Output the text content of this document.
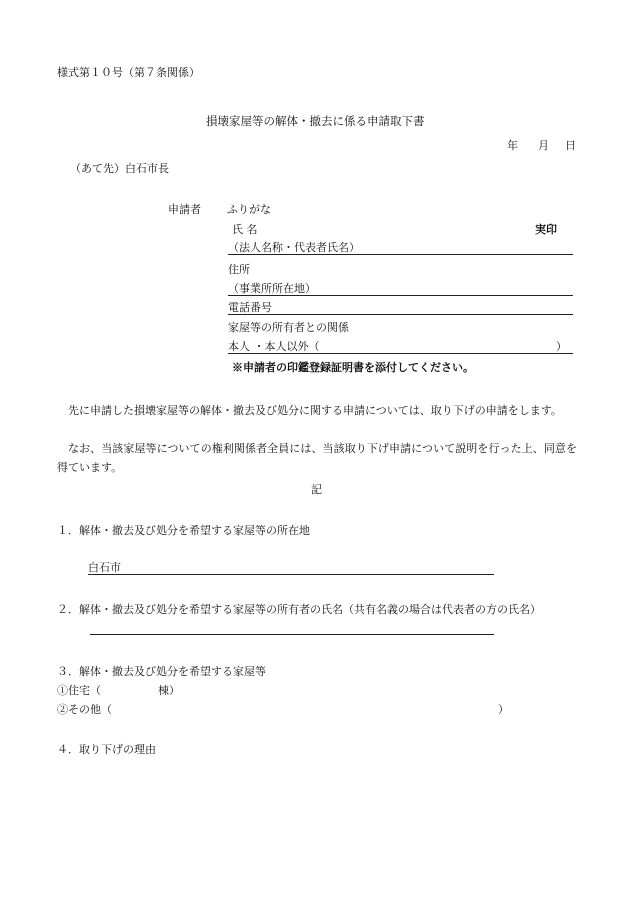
様式第１０号（第７条関係）
損壊家屋等の解体・撤去に係る申請取下書
年 月 日
（あて先）白石市長
申請者 ふりがな
氏 名	実印
（法人名称・代表者氏名）
住所
（事業所所在地）
電話番号
家屋等の所有者との関係
本人 ・本人以外（	）
※申請者の印鑑登録証明書を添付してください。
先に申請した損壊家屋等の解体・撤去及び処分に関する申請については、取り下げの申請をします。
なお、当該家屋等についての権利関係者全員には、当該取り下げ申請について説明を行った上、同意を得ています。
記
１．解体・撤去及び処分を希望する家屋等の所在地
白石市
２．解体・撤去及び処分を希望する家屋等の所有者の氏名（共有名義の場合は代表者の方の氏名）
３．解体・撤去及び処分を希望する家屋等
①住宅（	棟）
②その他（	）
４．取り下げの理由
